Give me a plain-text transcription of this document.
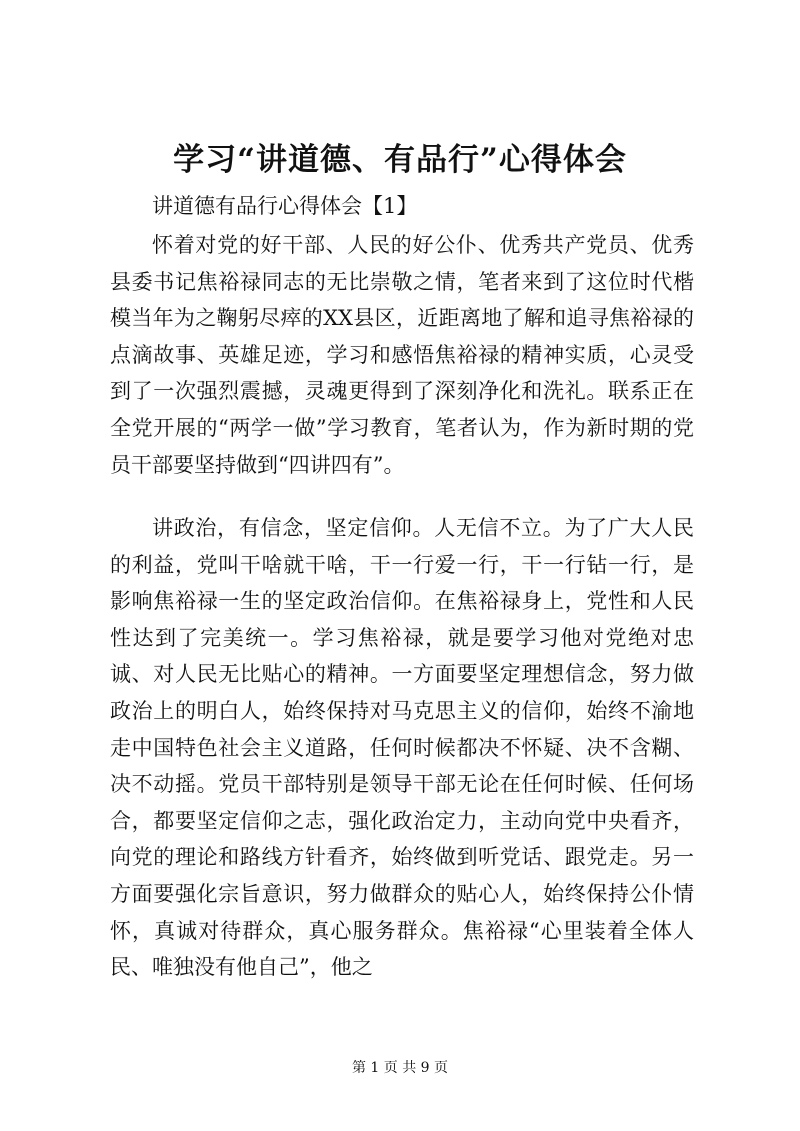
学习“讲道德、有品行”心得体会

讲道德有品行心得体会【1】

怀着对党的好干部、人民的好公仆、优秀共产党员、优秀县委书记焦裕禄同志的无比崇敬之情，笔者来到了这位时代楷模当年为之鞠躬尽瘁的XX县区，近距离地了解和追寻焦裕禄的点滴故事、英雄足迹，学习和感悟焦裕禄的精神实质，心灵受到了一次强烈震撼，灵魂更得到了深刻净化和洗礼。联系正在全党开展的“两学一做”学习教育，笔者认为，作为新时期的党员干部要坚持做到“四讲四有”。

讲政治，有信念，坚定信仰。人无信不立。为了广大人民的利益，党叫干啥就干啥，干一行爱一行，干一行钻一行，是影响焦裕禄一生的坚定政治信仰。在焦裕禄身上，党性和人民性达到了完美统一。学习焦裕禄，就是要学习他对党绝对忠诚、对人民无比贴心的精神。一方面要坚定理想信念，努力做政治上的明白人，始终保持对马克思主义的信仰，始终不渝地走中国特色社会主义道路，任何时候都决不怀疑、决不含糊、决不动摇。党员干部特别是领导干部无论在任何时候、任何场合，都要坚定信仰之志，强化政治定力，主动向党中央看齐，向党的理论和路线方针看齐，始终做到听党话、跟党走。另一方面要强化宗旨意识，努力做群众的贴心人，始终保持公仆情怀，真诚对待群众，真心服务群众。焦裕禄“心里装着全体人民、唯独没有他自己”，他之

第 1 页 共 9 页
